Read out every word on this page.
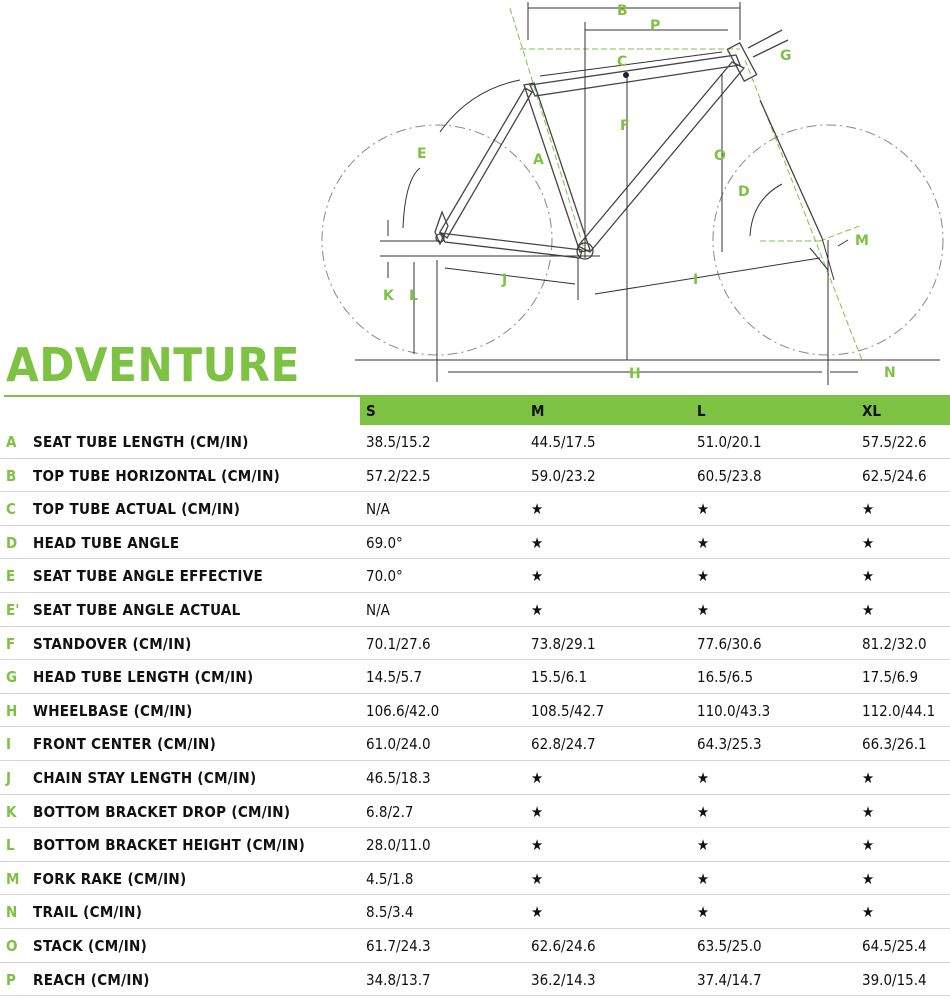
B
P
G
C
F
E	O
A
D
M
J	I
K L
H	N
ADVENTURE
S	M	L	XL
A SEAT TUBE LENGTH (CM/IN)	38.5/15.2	44.5/17.5	51.0/20.1	57.5/22.6
B TOP TUBE HORIZONTAL (CM/IN)	57.2/22.5	59.0/23.2	60.5/23.8	62.5/24.6
C TOP TUBE ACTUAL (CM/IN)	N/A	★	★	★
D HEAD TUBE ANGLE	69.0°	★	★	★
E SEAT TUBE ANGLE EFFECTIVE	70.0°	★	★	★
E' SEAT TUBE ANGLE ACTUAL	N/A	★	★	★
F STANDOVER (CM/IN)	70.1/27.6	73.8/29.1	77.6/30.6	81.2/32.0
G HEAD TUBE LENGTH (CM/IN)	14.5/5.7	15.5/6.1	16.5/6.5	17.5/6.9
H WHEELBASE (CM/IN)	106.6/42.0	108.5/42.7	110.0/43.3	112.0/44.1
I FRONT CENTER (CM/IN)	61.0/24.0	62.8/24.7	64.3/25.3	66.3/26.1
J CHAIN STAY LENGTH (CM/IN)	46.5/18.3	★	★	★
K BOTTOM BRACKET DROP (CM/IN)	6.8/2.7	★	★	★
L BOTTOM BRACKET HEIGHT (CM/IN)	28.0/11.0	★	★	★
M FORK RAKE (CM/IN)	4.5/1.8	★	★	★
N TRAIL (CM/IN)	8.5/3.4	★	★	★
O STACK (CM/IN)	61.7/24.3	62.6/24.6	63.5/25.0	64.5/25.4
P REACH (CM/IN)	34.8/13.7	36.2/14.3	37.4/14.7	39.0/15.4
